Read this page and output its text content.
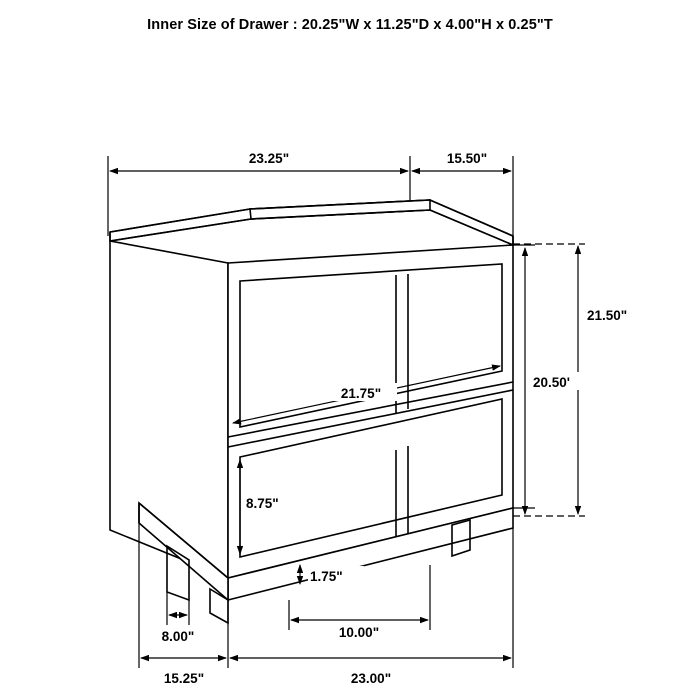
Inner Size of Drawer : 20.25"W x 11.25"D x 4.00"H x 0.25"T
23.25"	15.50"
21.50"
20.50'
21.75"
8.75"
1.75"
8.00"	10.00"
15.25"	23.00"
